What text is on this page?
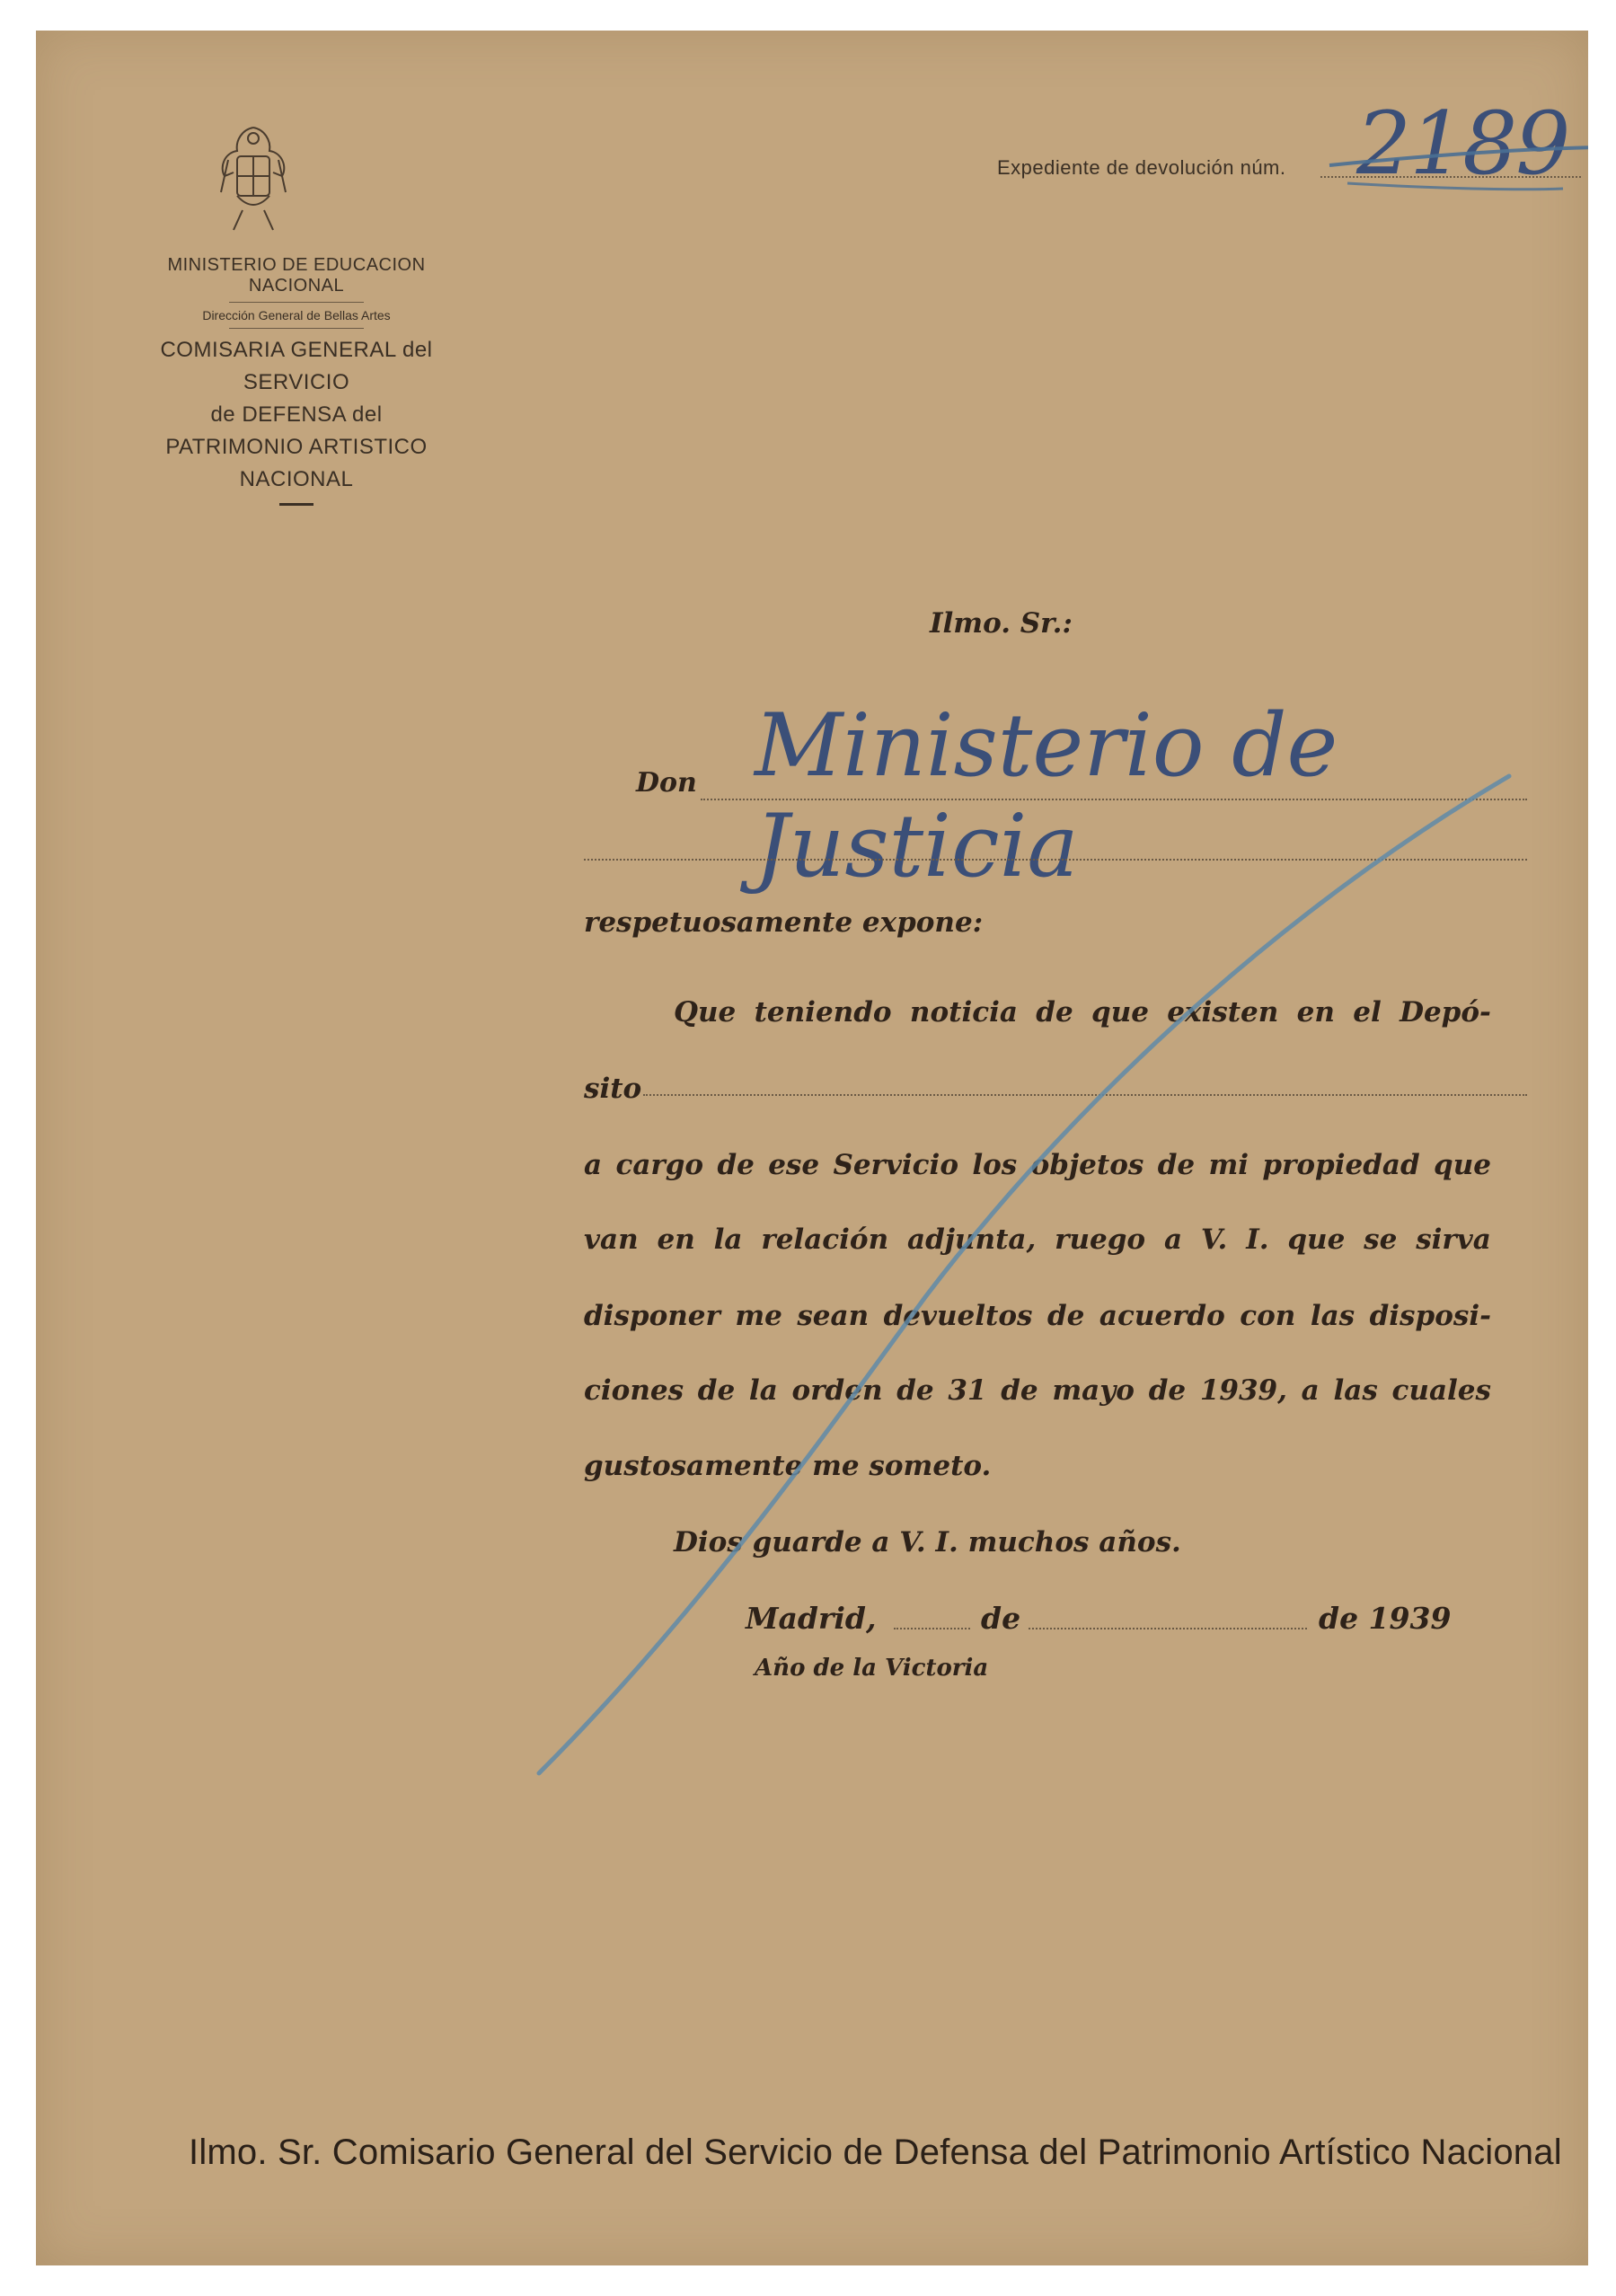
MINISTERIO DE EDUCACION NACIONAL
Dirección General de Bellas Artes
COMISARIA GENERAL del SERVICIO
de DEFENSA del
PATRIMONIO ARTISTICO NACIONAL
Expediente de devolución núm. 2189
Ilmo. Sr.:
Don Ministerio de Justicia
respetuosamente expone:
Que teniendo noticia de que existen en el Depó-
sito
a cargo de ese Servicio los objetos de mi propiedad que
van en la relación adjunta, ruego a V. I. que se sirva
disponer me sean devueltos de acuerdo con las disposi-
ciones de la orden de 31 de mayo de 1939, a las cuales
gustosamente me someto.
Dios guarde a V. I. muchos años.
Madrid,	de	de 1939
Año de la Victoria
Ilmo. Sr. Comisario General del Servicio de Defensa del Patrimonio Artístico Nacional
